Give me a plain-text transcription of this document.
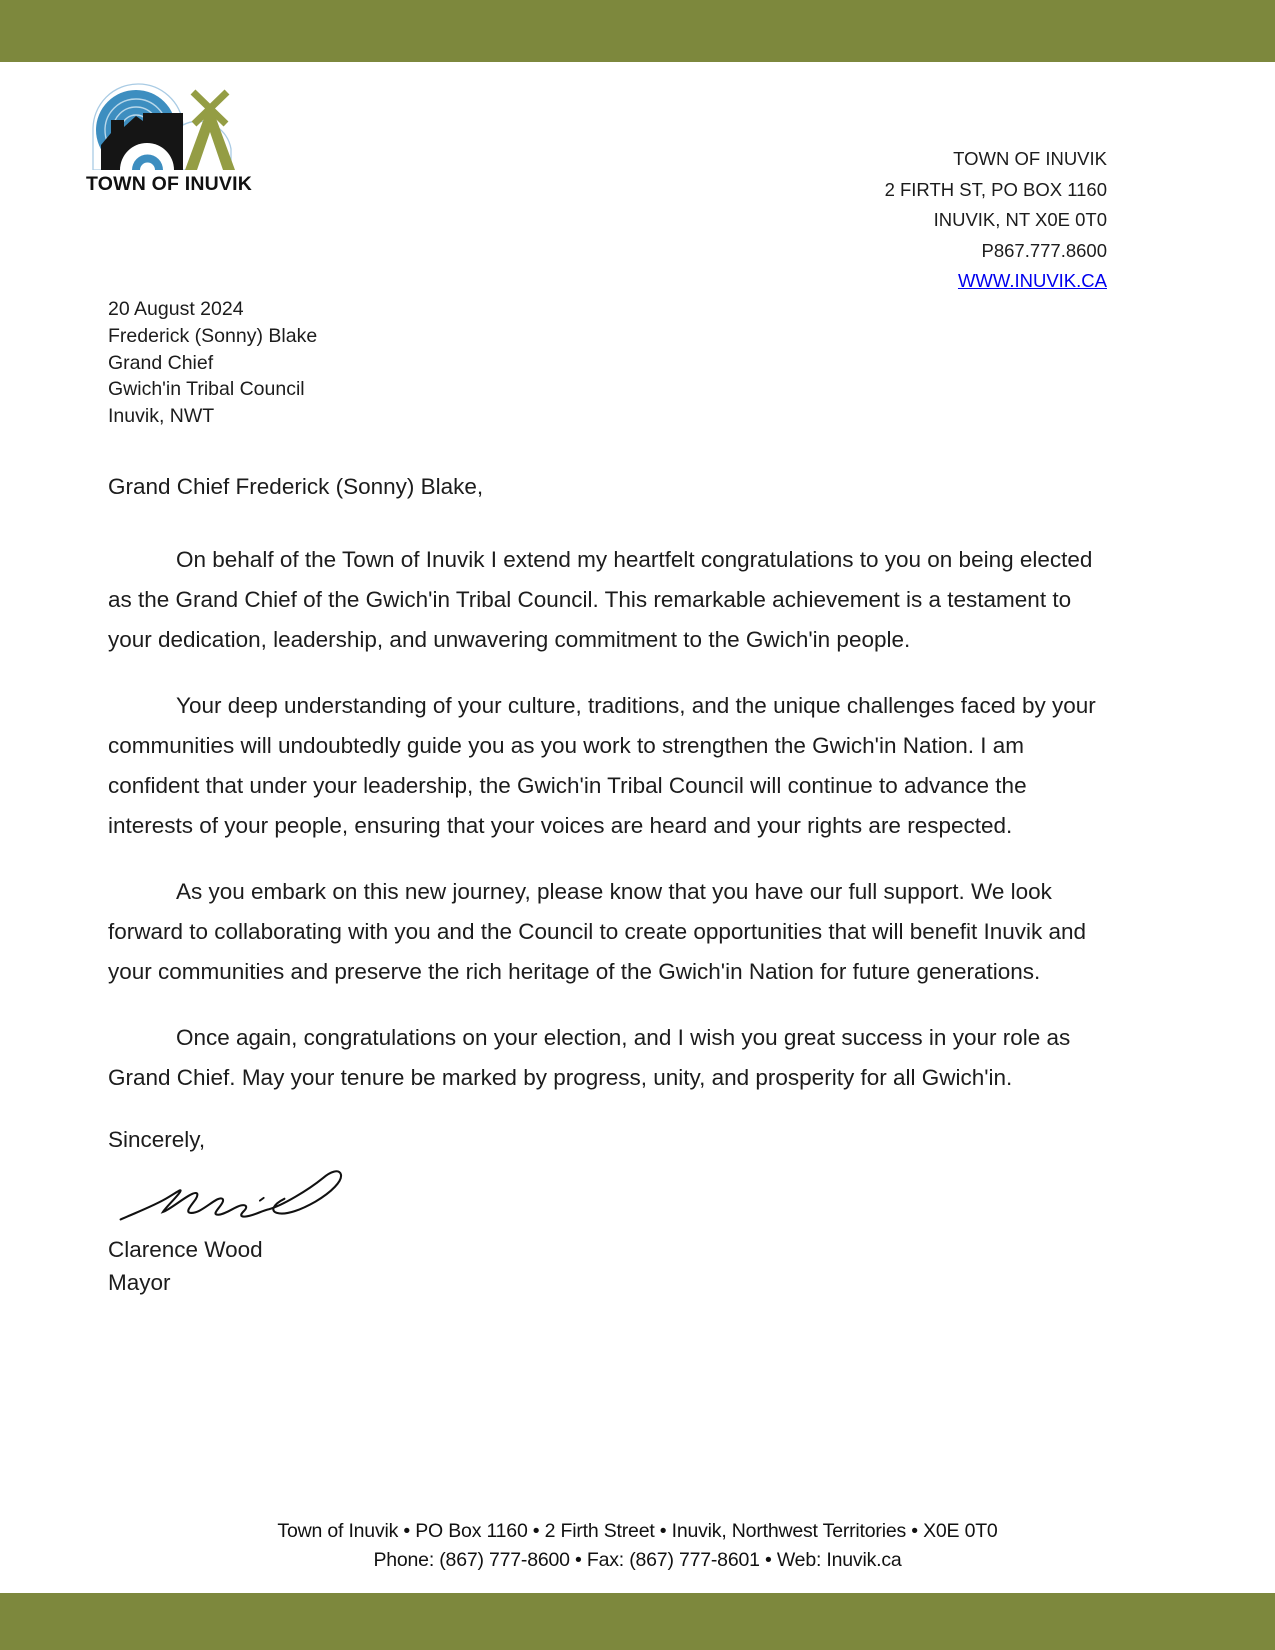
TOWN OF INUVIK
TOWN OF INUVIK
2 FIRTH ST, PO BOX 1160
INUVIK, NT X0E 0T0
P867.777.8600
WWW.INUVIK.CA
20 August 2024
Frederick (Sonny) Blake
Grand Chief
Gwich'in Tribal Council
Inuvik, NWT

Grand Chief Frederick (Sonny) Blake,

On behalf of the Town of Inuvik I extend my heartfelt congratulations to you on being elected as the Grand Chief of the Gwich'in Tribal Council. This remarkable achievement is a testament to your dedication, leadership, and unwavering commitment to the Gwich'in people.

Your deep understanding of your culture, traditions, and the unique challenges faced by your communities will undoubtedly guide you as you work to strengthen the Gwich'in Nation. I am confident that under your leadership, the Gwich'in Tribal Council will continue to advance the interests of your people, ensuring that your voices are heard and your rights are respected.

As you embark on this new journey, please know that you have our full support. We look forward to collaborating with you and the Council to create opportunities that will benefit Inuvik and your communities and preserve the rich heritage of the Gwich'in Nation for future generations.

Once again, congratulations on your election, and I wish you great success in your role as Grand Chief. May your tenure be marked by progress, unity, and prosperity for all Gwich'in.

Sincerely,

Clarence Wood

Mayor

Town of Inuvik • PO Box 1160 • 2 Firth Street • Inuvik, Northwest Territories • X0E 0T0
Phone: (867) 777-8600 • Fax: (867) 777-8601 • Web: Inuvik.ca
